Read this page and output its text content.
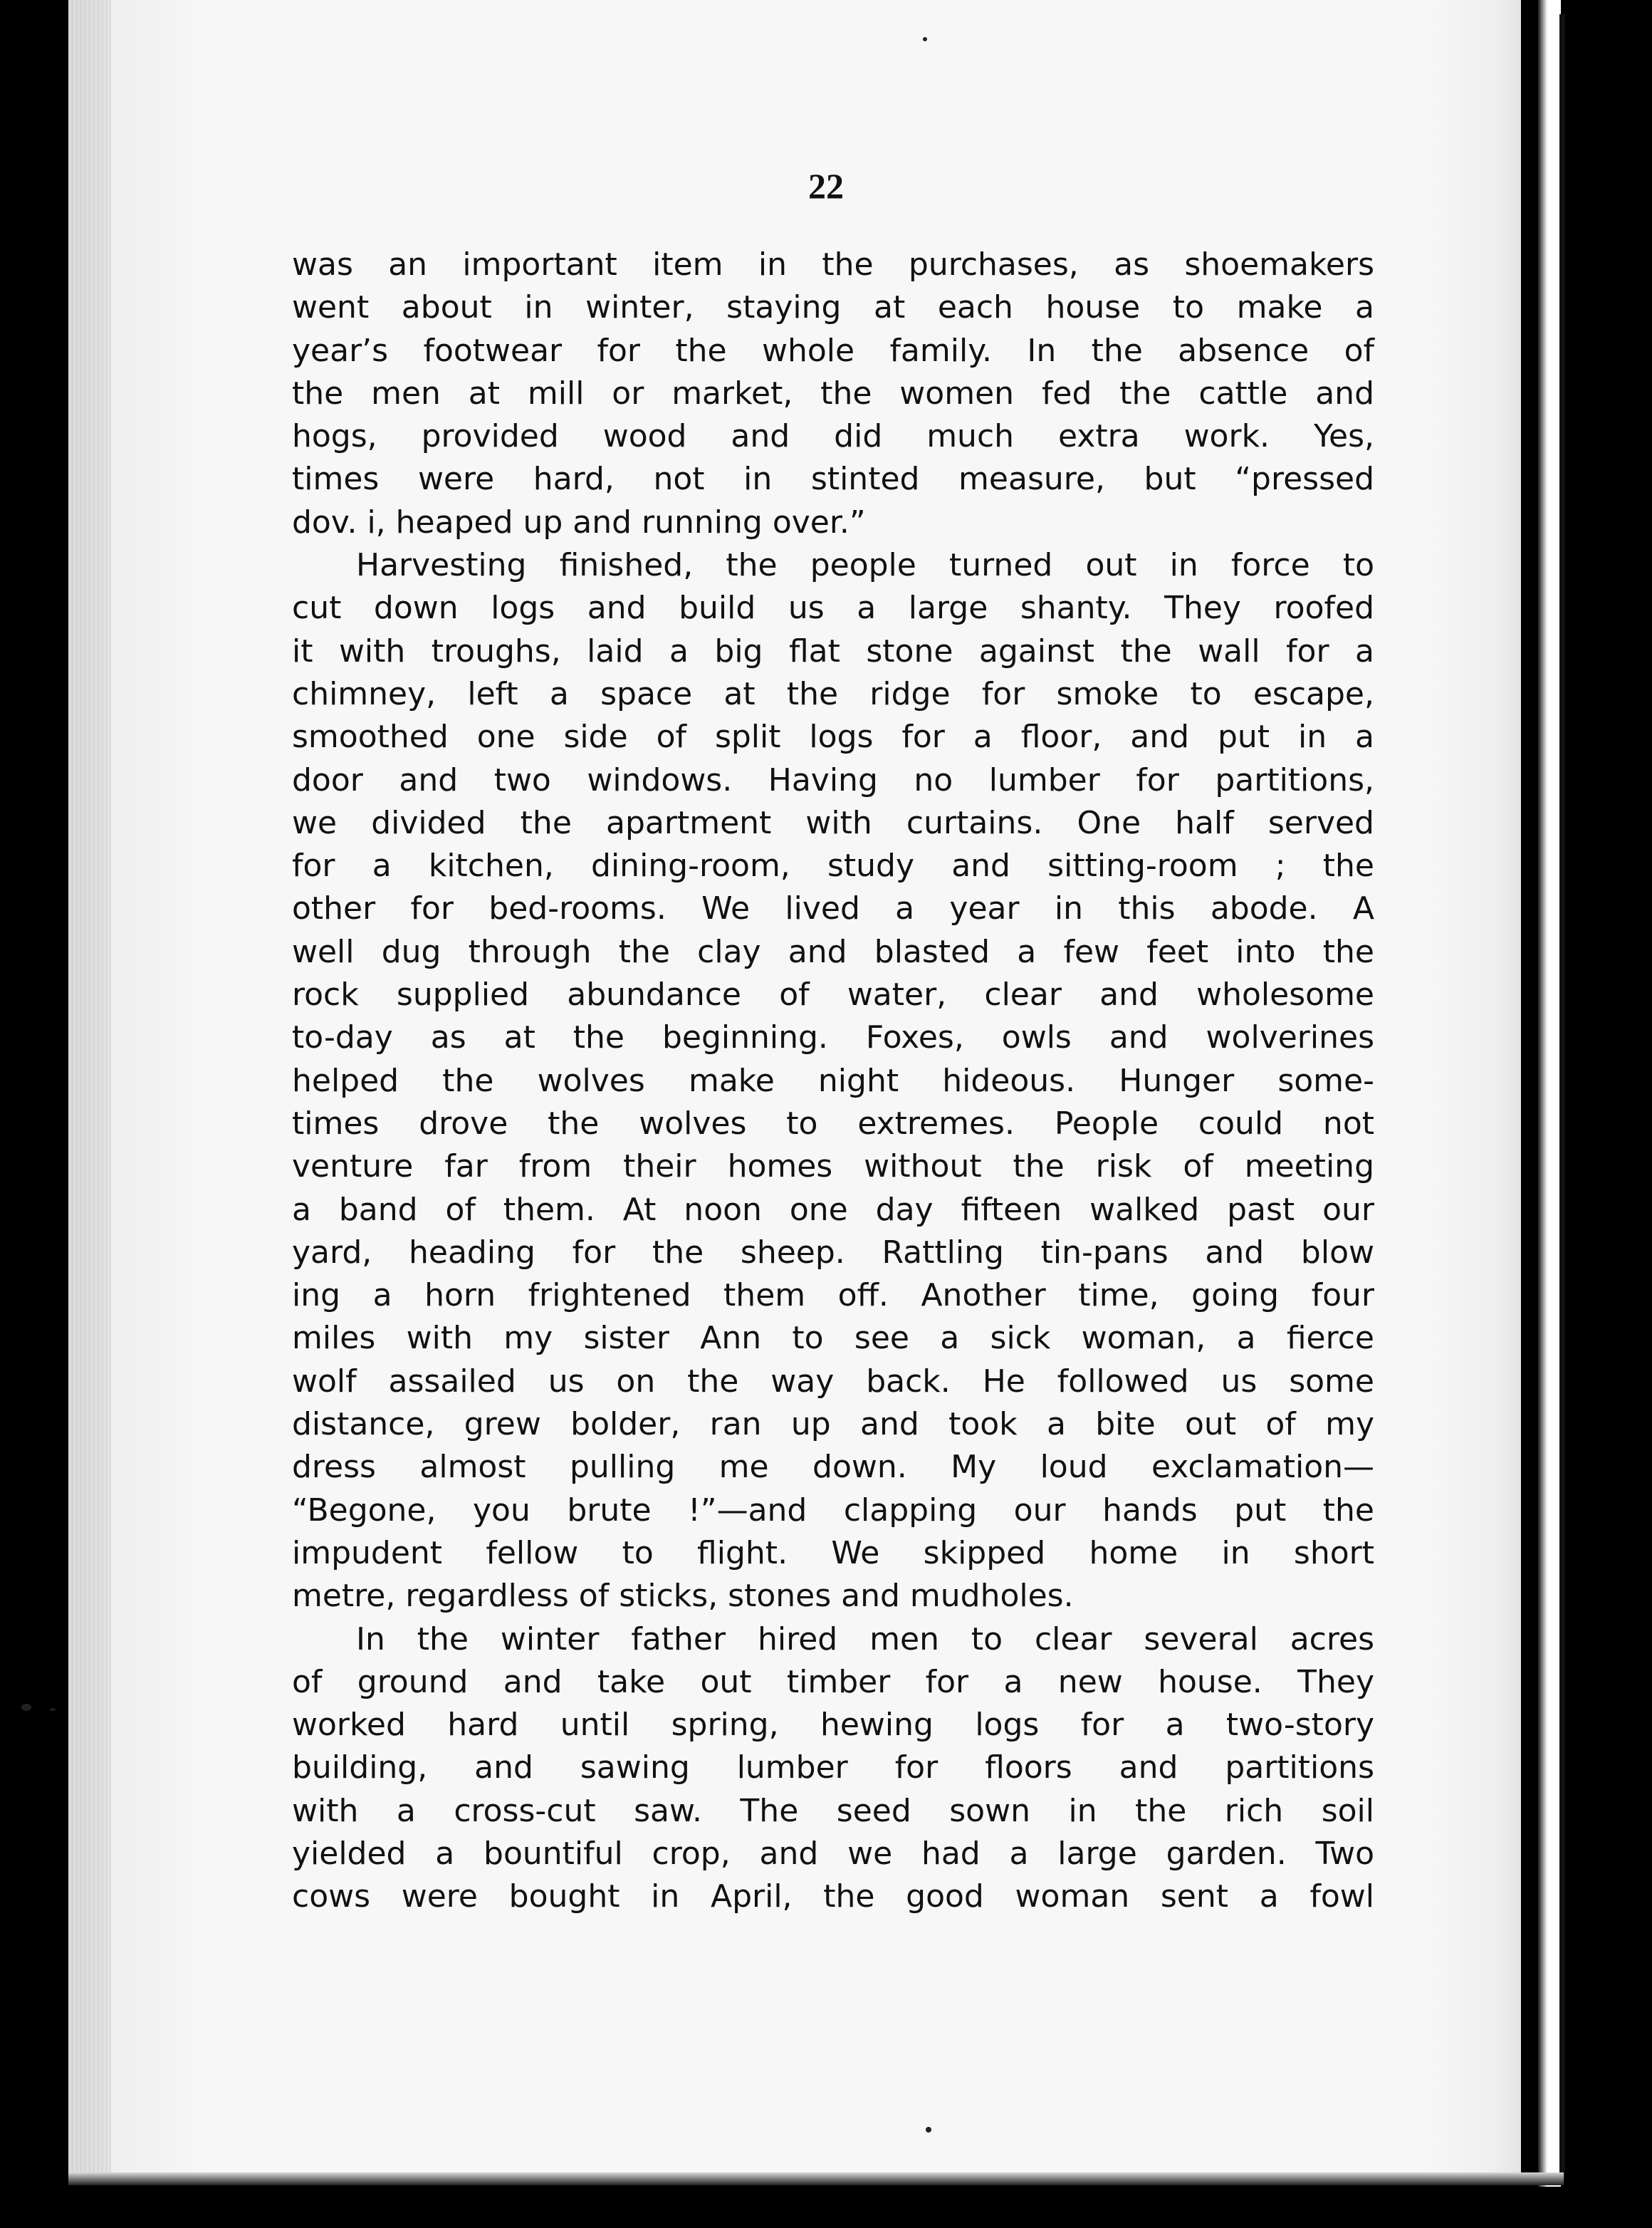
22
was an important item in the purchases, as shoemakers
went about in winter, staying at each house to make a
year’s footwear for the whole family. In the absence of
the men at mill or market, the women fed the cattle and
hogs, provided wood and did much extra work. Yes,
times were hard, not in stinted measure, but “pressed
dov. i, heaped up and running over.”
Harvesting finished, the people turned out in force to
cut down logs and build us a large shanty. They roofed
it with troughs, laid a big flat stone against the wall for a
chimney, left a space at the ridge for smoke to escape,
smoothed one side of split logs for a floor, and put in a
door and two windows. Having no lumber for partitions,
we divided the apartment with curtains. One half served
for a kitchen, dining-room, study and sitting-room ; the
other for bed-rooms. We lived a year in this abode. A
well dug through the clay and blasted a few feet into the
rock supplied abundance of water, clear and wholesome
to-day as at the beginning. Foxes, owls and wolverines
helped the wolves make night hideous. Hunger some-
times drove the wolves to extremes. People could not
venture far from their homes without the risk of meeting
a band of them. At noon one day fifteen walked past our
yard, heading for the sheep. Rattling tin-pans and blow
ing a horn frightened them off. Another time, going four
miles with my sister Ann to see a sick woman, a fierce
wolf assailed us on the way back. He followed us some
distance, grew bolder, ran up and took a bite out of my
dress almost pulling me down. My loud exclamation—
“Begone, you brute !”—and clapping our hands put the
impudent fellow to flight. We skipped home in short
metre, regardless of sticks, stones and mudholes.
In the winter father hired men to clear several acres
of ground and take out timber for a new house. They
worked hard until spring, hewing logs for a two-story
building, and sawing lumber for floors and partitions
with a cross-cut saw. The seed sown in the rich soil
yielded a bountiful crop, and we had a large garden. Two
cows were bought in April, the good woman sent a fowl
